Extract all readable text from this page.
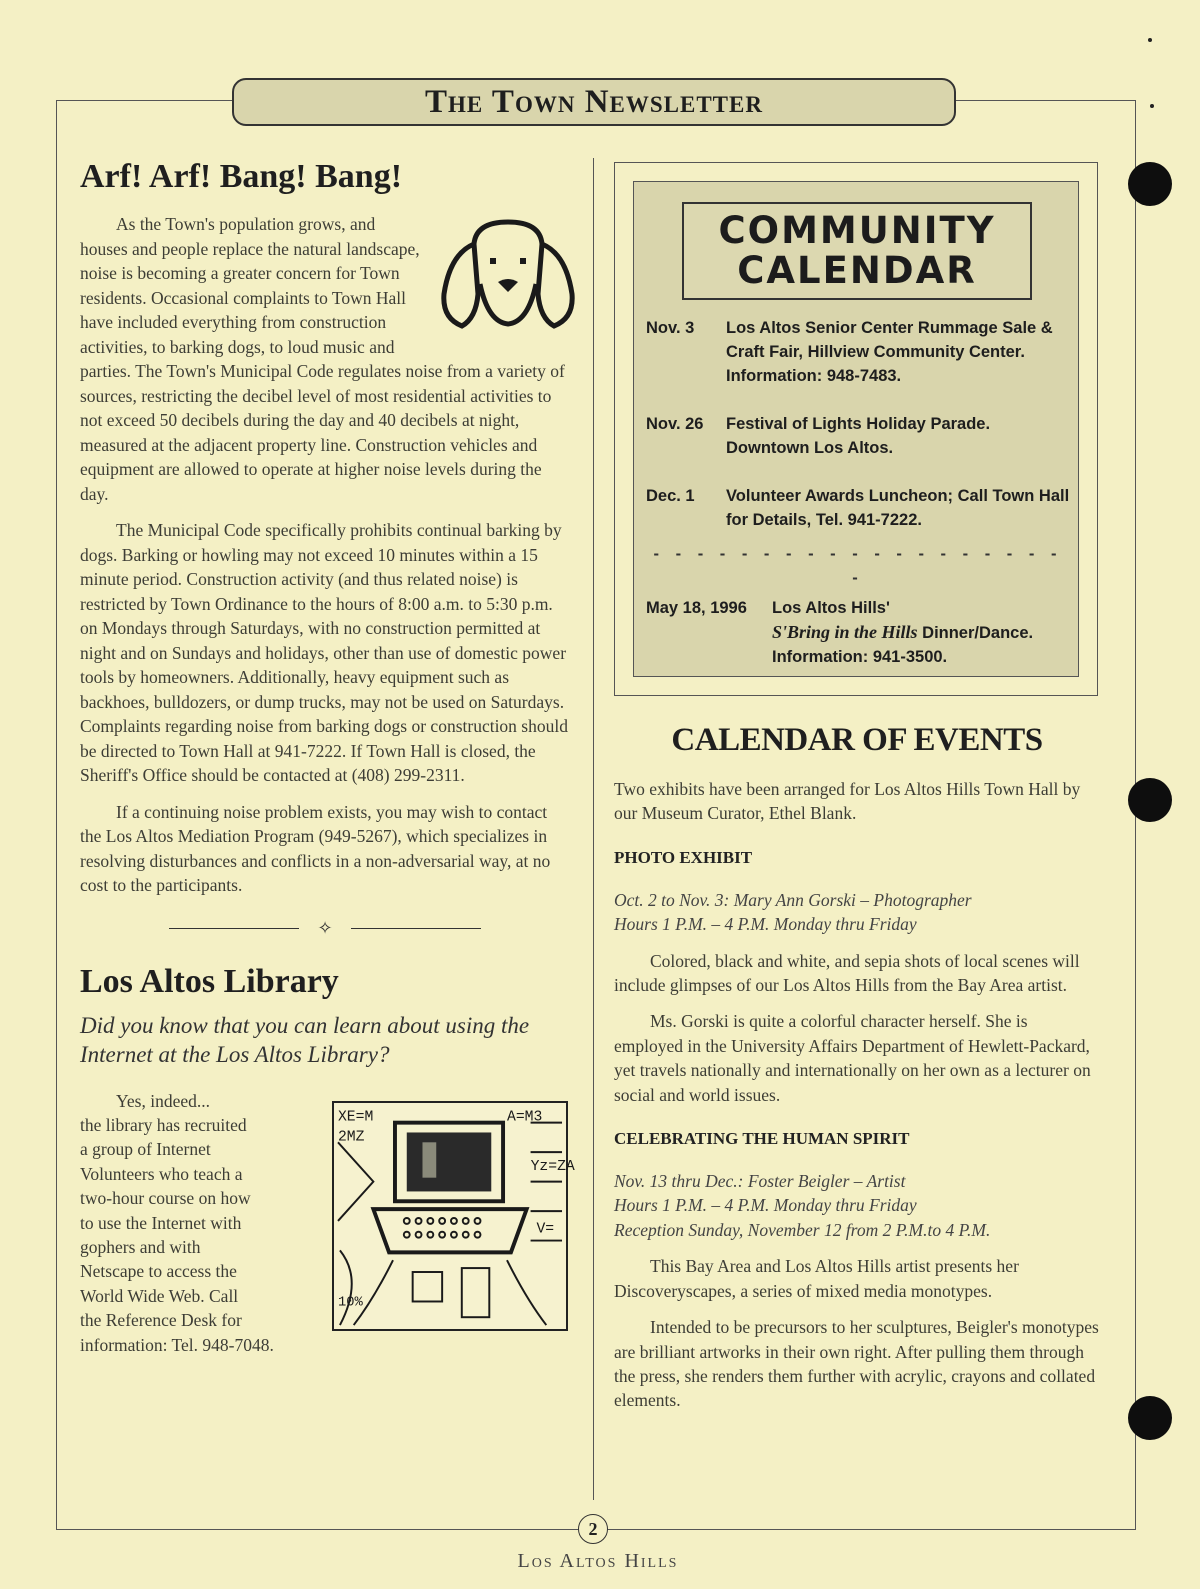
The Town Newsletter
Arf! Arf! Bang! Bang!

As the Town's population grows, and houses and people replace the natural landscape, noise is becoming a greater concern for Town residents. Occasional complaints to Town Hall have included everything from construction activities, to barking dogs, to loud music and parties. The Town's Municipal Code regulates noise from a variety of sources, restricting the decibel level of most residential activities to not exceed 50 decibels during the day and 40 decibels at night, measured at the adjacent property line. Construction vehicles and equipment are allowed to operate at higher noise levels during the day.

The Municipal Code specifically prohibits continual barking by dogs. Barking or howling may not exceed 10 minutes within a 15 minute period. Construction activity (and thus related noise) is restricted by Town Ordinance to the hours of 8:00 a.m. to 5:30 p.m. on Mondays through Saturdays, with no construction permitted at night and on Sundays and holidays, other than use of domestic power tools by homeowners. Additionally, heavy equipment such as backhoes, bulldozers, or dump trucks, may not be used on Saturdays. Complaints regarding noise from barking dogs or construction should be directed to Town Hall at 941-7222. If Town Hall is closed, the Sheriff's Office should be contacted at (408) 299-2311.

If a continuing noise problem exists, you may wish to contact the Los Altos Mediation Program (949-5267), which specializes in resolving disturbances and conflicts in a non-adversarial way, at no cost to the participants.

✧
Los Altos Library
Did you know that you can learn about using the Internet at the Los Altos Library?
Yes, indeed...
the library has recruited
a group of Internet
Volunteers who teach a
two-hour course on how
to use the Internet with
gophers and with
Netscape to access the
World Wide Web. Call
the Reference Desk for
information: Tel. 948-7048.
XE=M	A=M3
2MZ
Yz=ZA
V=
10%
COMMUNITY
CALENDAR
Nov. 3	Los Altos Senior Center Rummage Sale & Craft Fair, Hillview Community Center. Information: 948-7483.
Nov. 26	Festival of Lights Holiday Parade. Downtown Los Altos.
Dec. 1	Volunteer Awards Luncheon; Call Town Hall for Details, Tel. 941-7222.
- - - - - - - - - - - - - - - - - - - -
May 18, 1996	Los Altos Hills'
S'Bring in the Hills Dinner/Dance.
Information: 941-3500.
CALENDAR OF EVENTS
Two exhibits have been arranged for Los Altos Hills Town Hall by our Museum Curator, Ethel Blank.
PHOTO EXHIBIT
Oct. 2 to Nov. 3: Mary Ann Gorski – Photographer
Hours 1 P.M. – 4 P.M. Monday thru Friday

Colored, black and white, and sepia shots of local scenes will include glimpses of our Los Altos Hills from the Bay Area artist.

Ms. Gorski is quite a colorful character herself. She is employed in the University Affairs Department of Hewlett-Packard, yet travels nationally and internationally on her own as a lecturer on social and world issues.

CELEBRATING THE HUMAN SPIRIT
Nov. 13 thru Dec.: Foster Beigler – Artist
Hours 1 P.M. – 4 P.M. Monday thru Friday
Reception Sunday, November 12 from 2 P.M.to 4 P.M.

This Bay Area and Los Altos Hills artist presents her Discoveryscapes, a series of mixed media monotypes.

Intended to be precursors to her sculptures, Beigler's monotypes are brilliant artworks in their own right. After pulling them through the press, she renders them further with acrylic, crayons and collated elements.

2
Los Altos Hills
